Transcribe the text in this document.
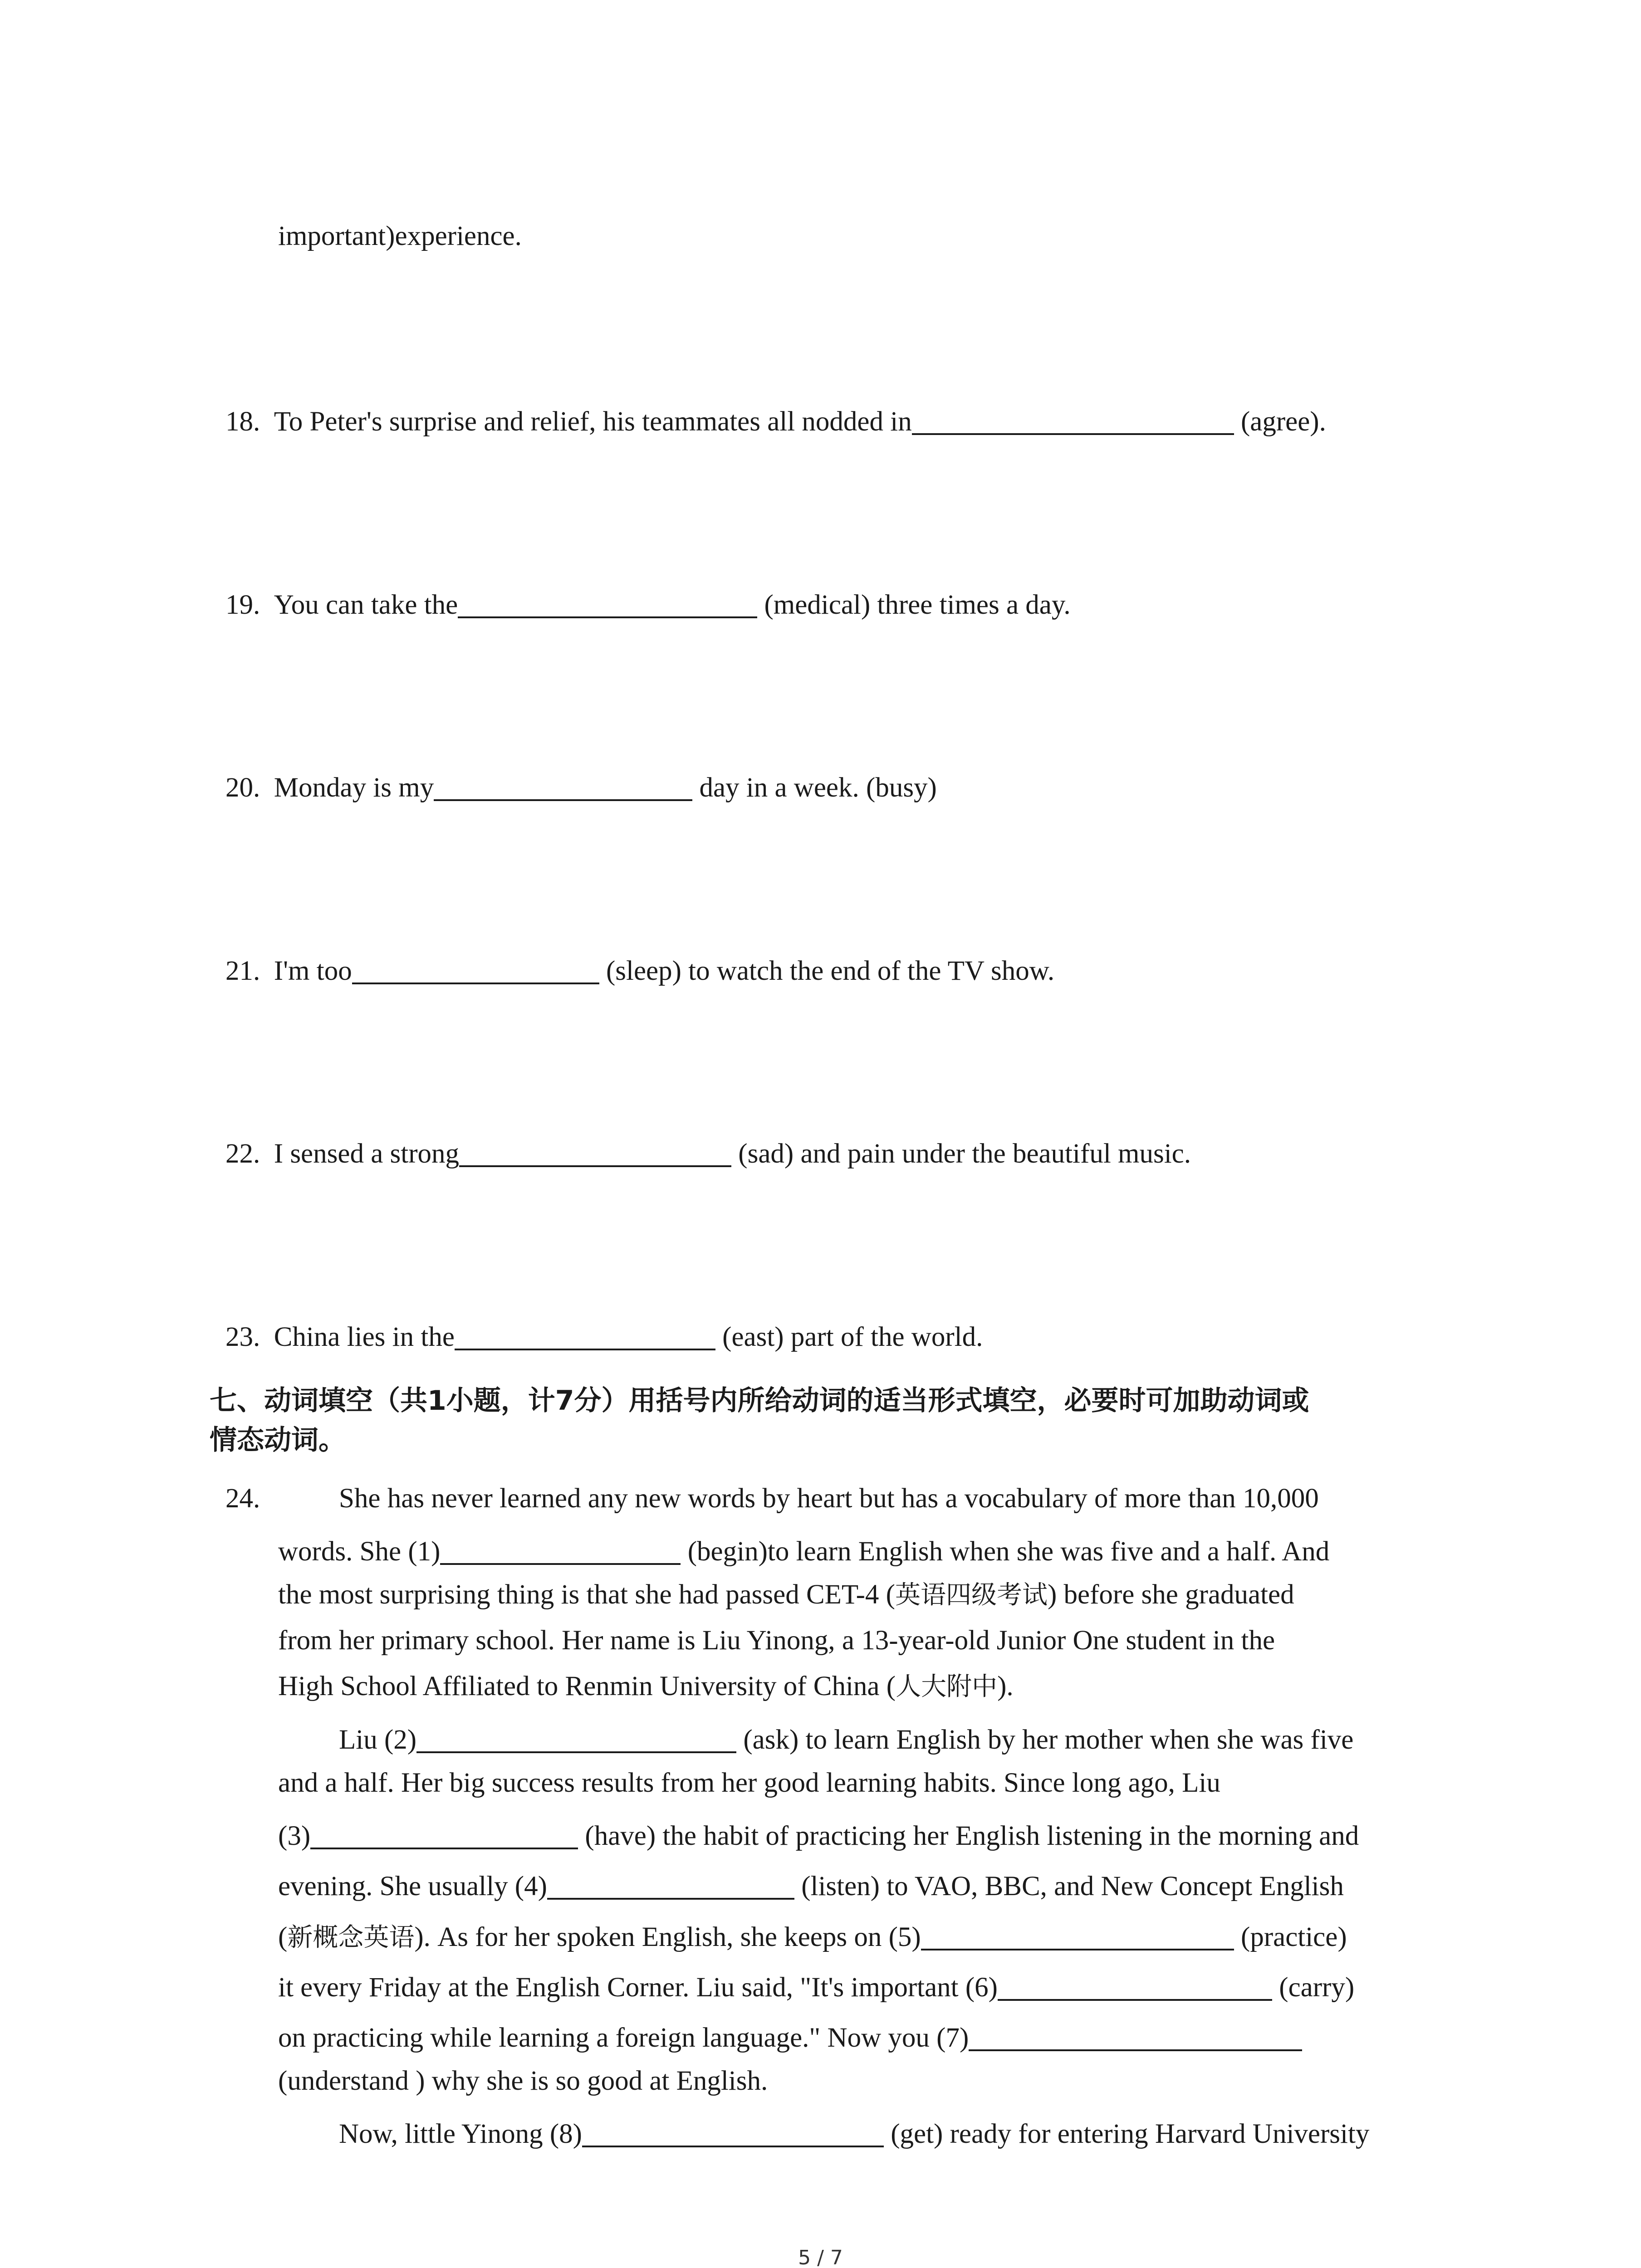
important)experience.
18. To Peter's surprise and relief, his teammates all nodded in	(agree).
19. You can take the	(medical) three times a day.
20. Monday is my	day in a week. (busy)
21. I'm too	(sleep) to watch the end of the TV show.
22. I sensed a strong	(sad) and pain under the beautiful music.
23. China lies in the	(east) part of the world.
七、动词填空（共1小题，计7分）用括号内所给动词的适当形式填空，必要时可加助动词或
情态动词。
24.	She has never learned any new words by heart but has a vocabulary of more than 10,000
words. She (1)	(begin)to learn English when she was five and a half. And
the most surprising thing is that she had passed CET-4 (英语四级考试) before she graduated
from her primary school. Her name is Liu Yinong, a 13-year-old Junior One student in the
High School Affiliated to Renmin University of China (人大附中).
Liu (2)	(ask) to learn English by her mother when she was five
and a half. Her big success results from her good learning habits. Since long ago, Liu
(3)	(have) the habit of practicing her English listening in the morning and
evening. She usually (4)	(listen) to VAO, BBC, and New Concept English
(新概念英语). As for her spoken English, she keeps on (5)	(practice)
it every Friday at the English Corner. Liu said, "It's important (6)	(carry)
on practicing while learning a foreign language." Now you (7)
(understand ) why she is so good at English.
Now, little Yinong (8)	(get) ready for entering Harvard University
5 / 7
